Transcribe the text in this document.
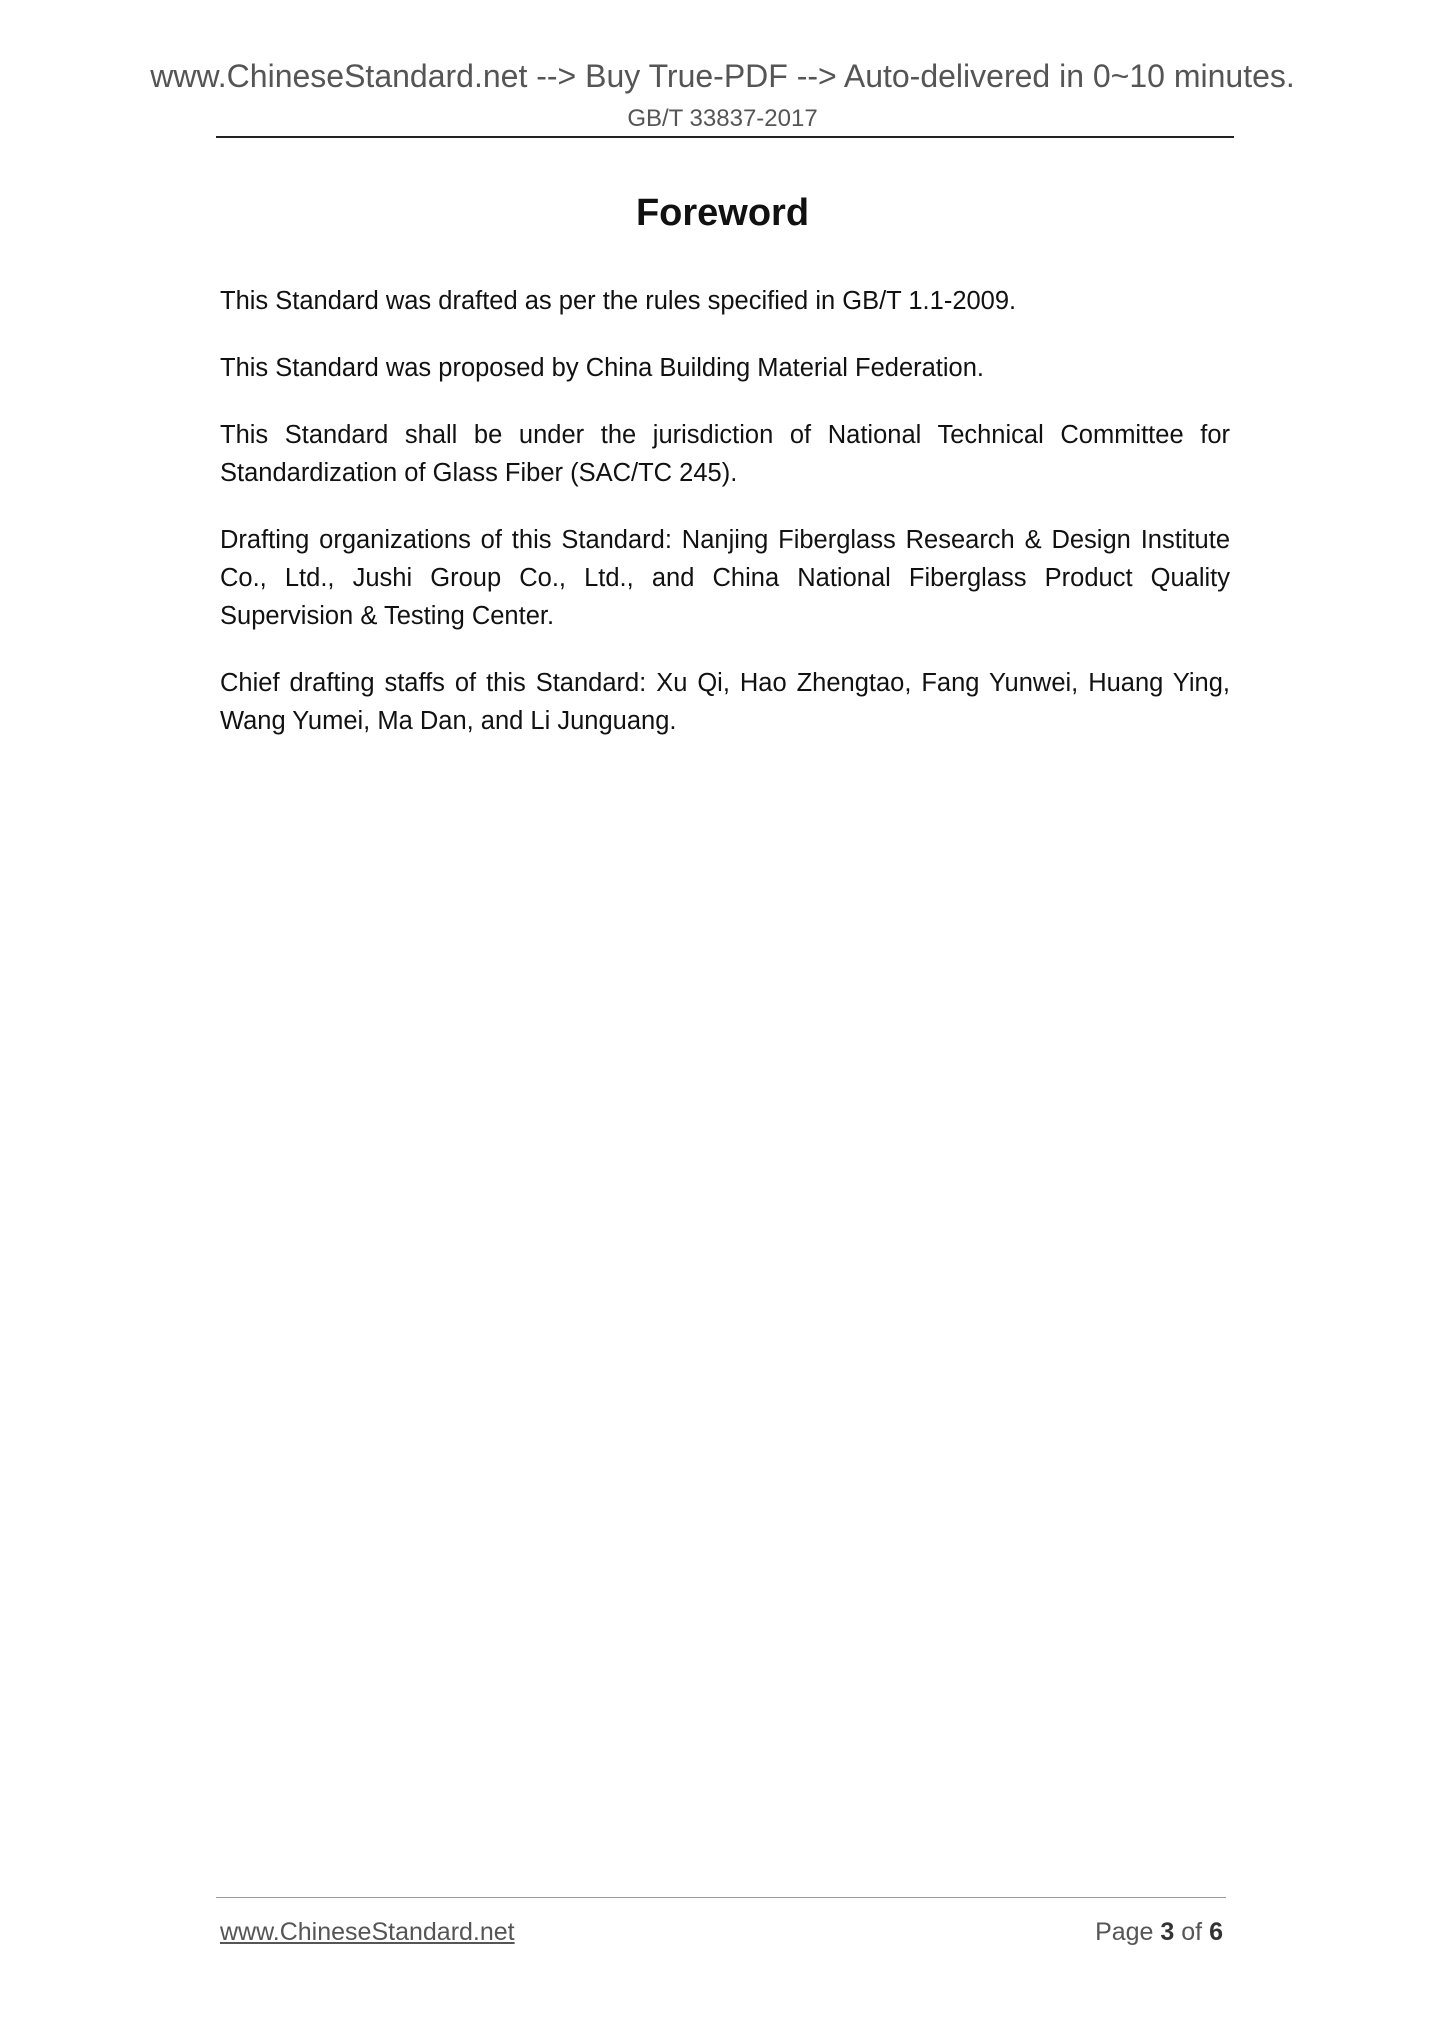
www.ChineseStandard.net --> Buy True-PDF --> Auto-delivered in 0~10 minutes.
GB/T 33837-2017
Foreword

This Standard was drafted as per the rules specified in GB/T 1.1-2009.

This Standard was proposed by China Building Material Federation.

This Standard shall be under the jurisdiction of National Technical Committee for Standardization of Glass Fiber (SAC/TC 245).

Drafting organizations of this Standard: Nanjing Fiberglass Research & Design Institute Co., Ltd., Jushi Group Co., Ltd., and China National Fiberglass Product Quality Supervision & Testing Center.

Chief drafting staffs of this Standard: Xu Qi, Hao Zhengtao, Fang Yunwei, Huang Ying, Wang Yumei, Ma Dan, and Li Junguang.

www.ChineseStandard.net	Page 3 of 6
